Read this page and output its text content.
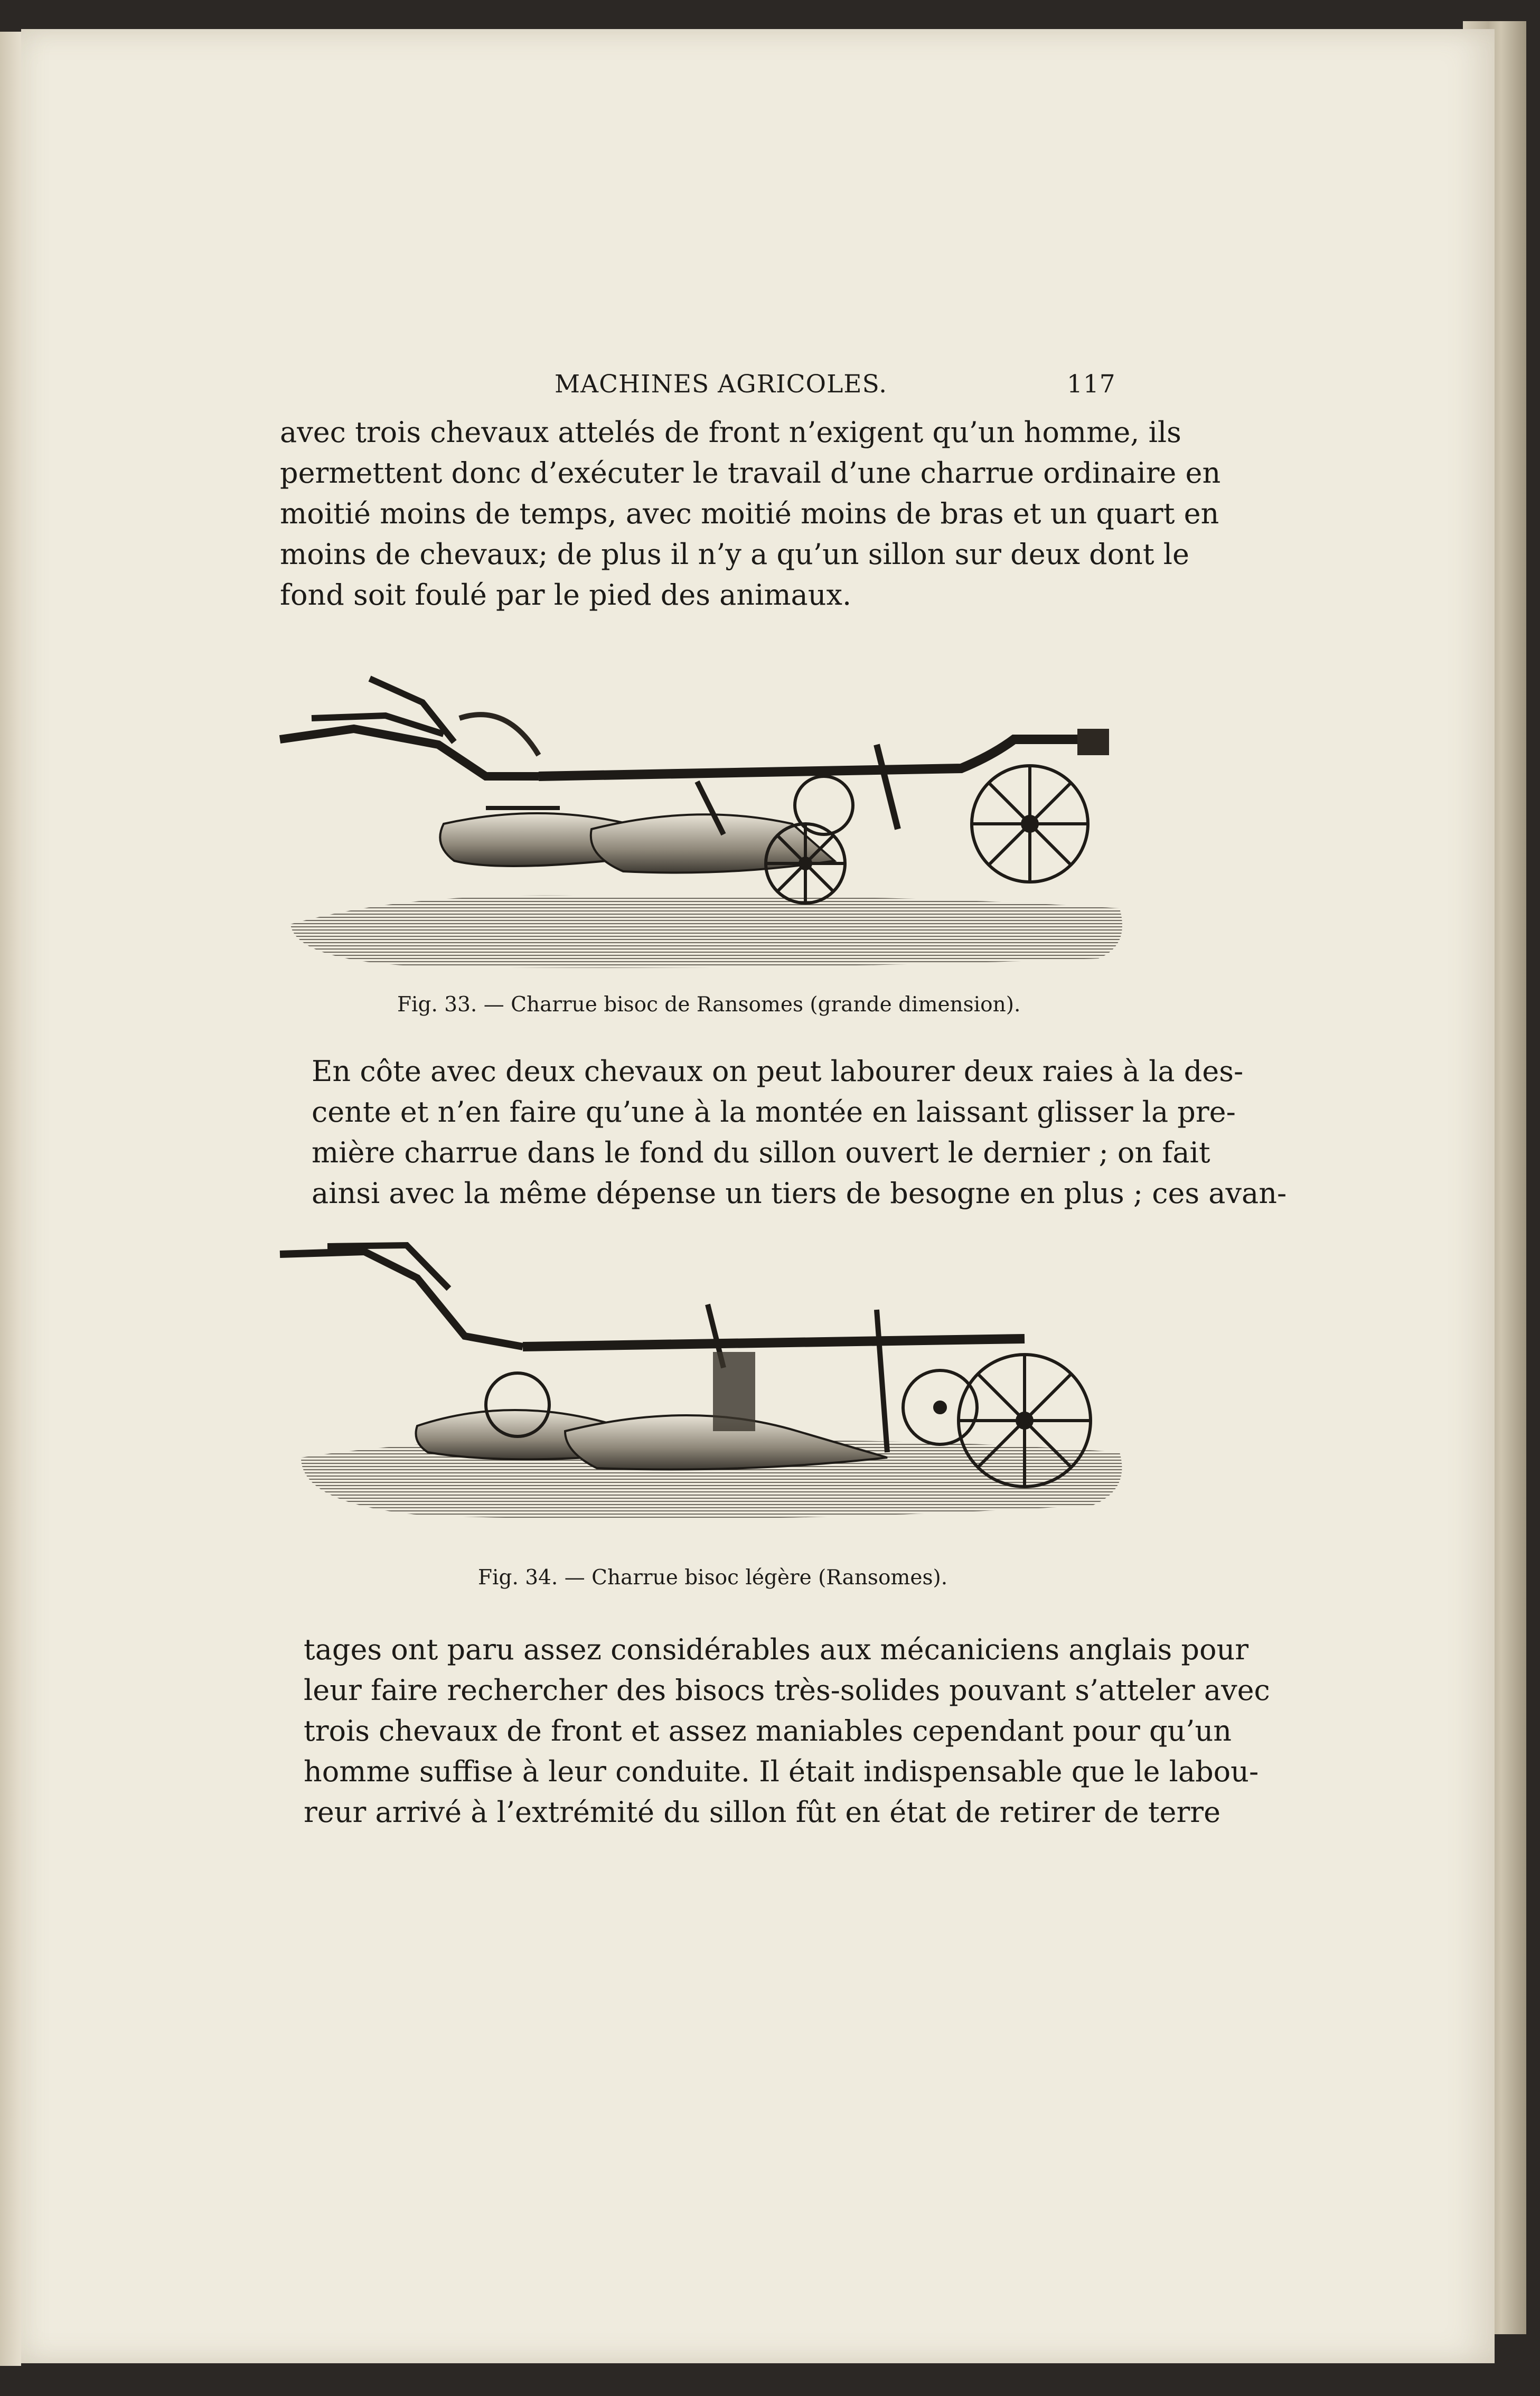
MACHINES AGRICOLES.	117
avec trois chevaux attelés de front n’exigent qu’un homme, ils
permettent donc d’exécuter le travail d’une charrue ordinaire en
moitié moins de temps, avec moitié moins de bras et un quart en
moins de chevaux; de plus il n’y a qu’un sillon sur deux dont le
fond soit foulé par le pied des animaux.
Fig. 33. — Charrue bisoc de Ransomes (grande dimension).
En côte avec deux chevaux on peut labourer deux raies à la des-
cente et n’en faire qu’une à la montée en laissant glisser la pre-
mière charrue dans le fond du sillon ouvert le dernier ; on fait
ainsi avec la même dépense un tiers de besogne en plus ; ces avan-
Fig. 34. — Charrue bisoc légère (Ransomes).
tages ont paru assez considérables aux mécaniciens anglais pour
leur faire rechercher des bisocs très-solides pouvant s’atteler avec
trois chevaux de front et assez maniables cependant pour qu’un
homme suffise à leur conduite. Il était indispensable que le labou-
reur arrivé à l’extrémité du sillon fût en état de retirer de terre
